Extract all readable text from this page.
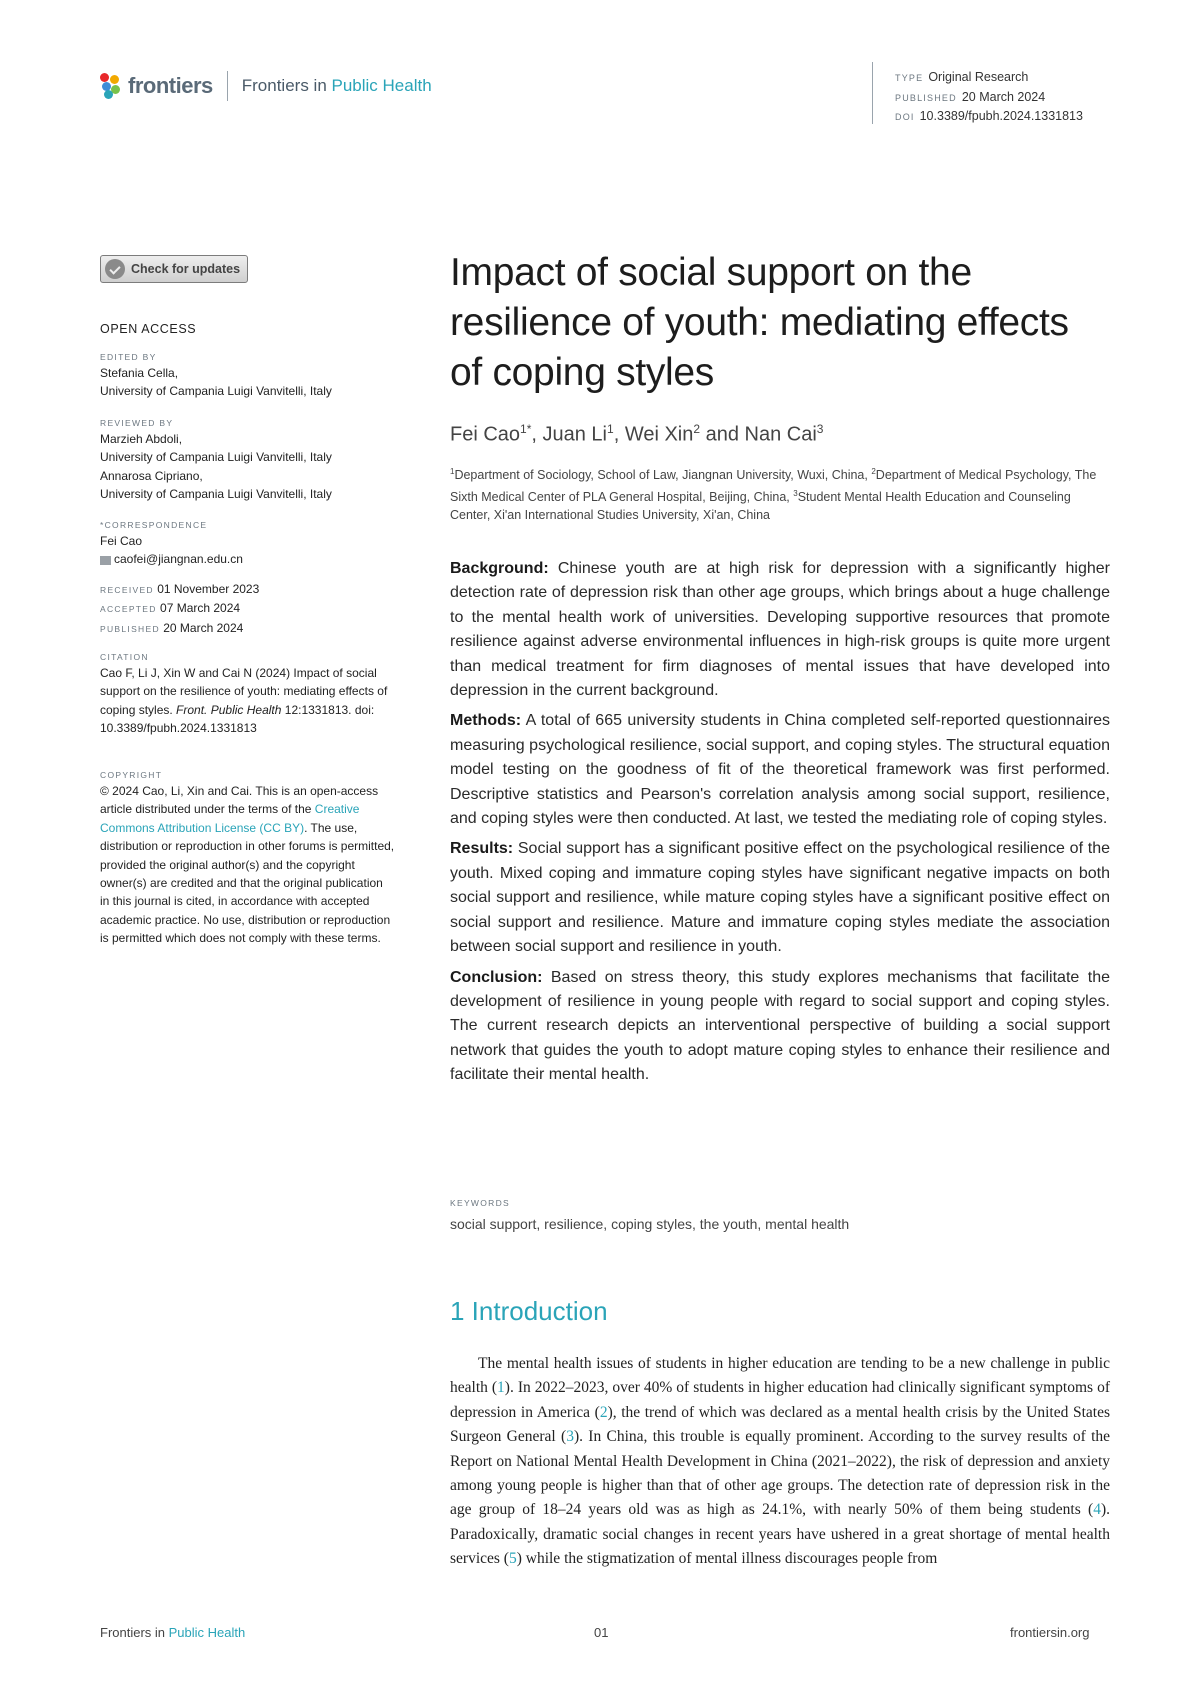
frontiers Frontiers in Public Health	TYPE Original Research
PUBLISHED 20 March 2024
DOI 10.3389/fpubh.2024.1331813
Check for updates
OPEN ACCESS
EDITED BY
Stefania Cella,
University of Campania Luigi Vanvitelli, Italy
REVIEWED BY
Marzieh Abdoli,
University of Campania Luigi Vanvitelli, Italy
Annarosa Cipriano,
University of Campania Luigi Vanvitelli, Italy
*CORRESPONDENCE
Fei Cao
caofei@jiangnan.edu.cn
RECEIVED 01 November 2023
ACCEPTED 07 March 2024
PUBLISHED 20 March 2024
CITATION
Cao F, Li J, Xin W and Cai N (2024) Impact of social support on the resilience of youth: mediating effects of coping styles. Front. Public Health 12:1331813. doi: 10.3389/fpubh.2024.1331813
COPYRIGHT
© 2024 Cao, Li, Xin and Cai. This is an open-access article distributed under the terms of the Creative Commons Attribution License (CC BY). The use, distribution or reproduction in other forums is permitted, provided the original author(s) and the copyright owner(s) are credited and that the original publication in this journal is cited, in accordance with accepted academic practice. No use, distribution or reproduction is permitted which does not comply with these terms.
Impact of social support on the resilience of youth: mediating effects of coping styles
Fei Cao$^{1*}$, Juan Li$^1$, Wei Xin$^2$ and Nan Cai$^3$
$^1$Department of Sociology, School of Law, Jiangnan University, Wuxi, China, $^2$Department of Medical Psychology, The Sixth Medical Center of PLA General Hospital, Beijing, China, $^3$Student Mental Health Education and Counseling Center, Xi'an International Studies University, Xi'an, China

Background: Chinese youth are at high risk for depression with a significantly higher detection rate of depression risk than other age groups, which brings about a huge challenge to the mental health work of universities. Developing supportive resources that promote resilience against adverse environmental influences in high-risk groups is quite more urgent than medical treatment for firm diagnoses of mental issues that have developed into depression in the current background.

Methods: A total of 665 university students in China completed self-reported questionnaires measuring psychological resilience, social support, and coping styles. The structural equation model testing on the goodness of fit of the theoretical framework was first performed. Descriptive statistics and Pearson's correlation analysis among social support, resilience, and coping styles were then conducted. At last, we tested the mediating role of coping styles.

Results: Social support has a significant positive effect on the psychological resilience of the youth. Mixed coping and immature coping styles have significant negative impacts on both social support and resilience, while mature coping styles have a significant positive effect on social support and resilience. Mature and immature coping styles mediate the association between social support and resilience in youth.

Conclusion: Based on stress theory, this study explores mechanisms that facilitate the development of resilience in young people with regard to social support and coping styles. The current research depicts an interventional perspective of building a social support network that guides the youth to adopt mature coping styles to enhance their resilience and facilitate their mental health.

KEYWORDS
social support, resilience, coping styles, the youth, mental health
1 Introduction

The mental health issues of students in higher education are tending to be a new challenge in public health (1). In 2022–2023, over 40% of students in higher education had clinically significant symptoms of depression in America (2), the trend of which was declared as a mental health crisis by the United States Surgeon General (3). In China, this trouble is equally prominent. According to the survey results of the Report on National Mental Health Development in China (2021–2022), the risk of depression and anxiety among young people is higher than that of other age groups. The detection rate of depression risk in the age group of 18–24 years old was as high as 24.1%, with nearly 50% of them being students (4). Paradoxically, dramatic social changes in recent years have ushered in a great shortage of mental health services (5) while the stigmatization of mental illness discourages people from

Frontiers in Public Health	01	frontiersin.org
